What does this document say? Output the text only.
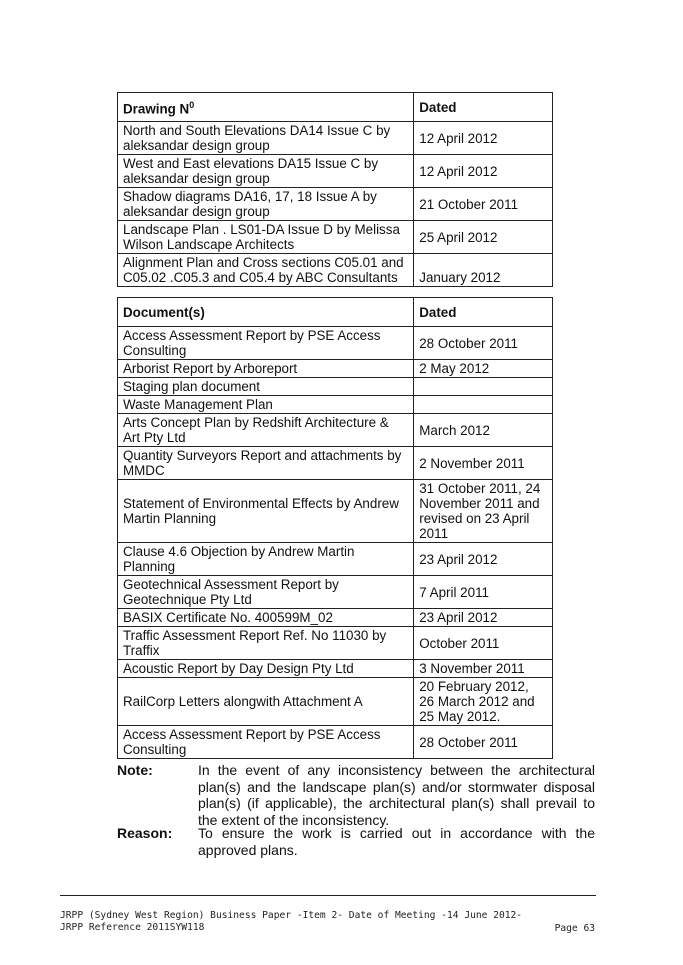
Drawing $N^0$	Dated
North and South Elevations DA14 Issue C by aleksandar design group	12 April 2012
West and East elevations DA15 Issue C by aleksandar design group	12 April 2012
Shadow diagrams DA16, 17, 18 Issue A by aleksandar design group	21 October 2011
Landscape Plan . LS01-DA Issue D by Melissa Wilson Landscape Architects	25 April 2012
Alignment Plan and Cross sections C05.01 and C05.02 .C05.3 and C05.4 by ABC Consultants	January 2012
Document(s)	Dated
Access Assessment Report by PSE Access Consulting	28 October 2011
Arborist Report by Arboreport	2 May 2012
Staging plan document	
Waste Management Plan	
Arts Concept Plan by Redshift Architecture & Art Pty Ltd	March 2012
Quantity Surveyors Report and attachments by MMDC	2 November 2011
Statement of Environmental Effects by Andrew Martin Planning	31 October 2011, 24 November 2011 and revised on 23 April 2011
Clause 4.6 Objection by Andrew Martin Planning	23 April 2012
Geotechnical Assessment Report by Geotechnique Pty Ltd	7 April 2011
BASIX Certificate No. 400599M_02	23 April 2012
Traffic Assessment Report Ref. No 11030 by Traffix	October 2011
Acoustic Report by Day Design Pty Ltd	3 November 2011
RailCorp Letters alongwith Attachment A	20 February 2012, 26 March 2012 and 25 May 2012.
Access Assessment Report by PSE Access Consulting	28 October 2011
Note:	In the event of any inconsistency between the architectural plan(s) and the landscape plan(s) and/or stormwater disposal plan(s) (if applicable), the architectural plan(s) shall prevail to the extent of the inconsistency.
Reason: To ensure the work is carried out in accordance with the approved plans.
JRPP (Sydney West Region) Business Paper -Item 2- Date of Meeting -14 June 2012-
JRPP Reference 2011SYW118	Page 63
